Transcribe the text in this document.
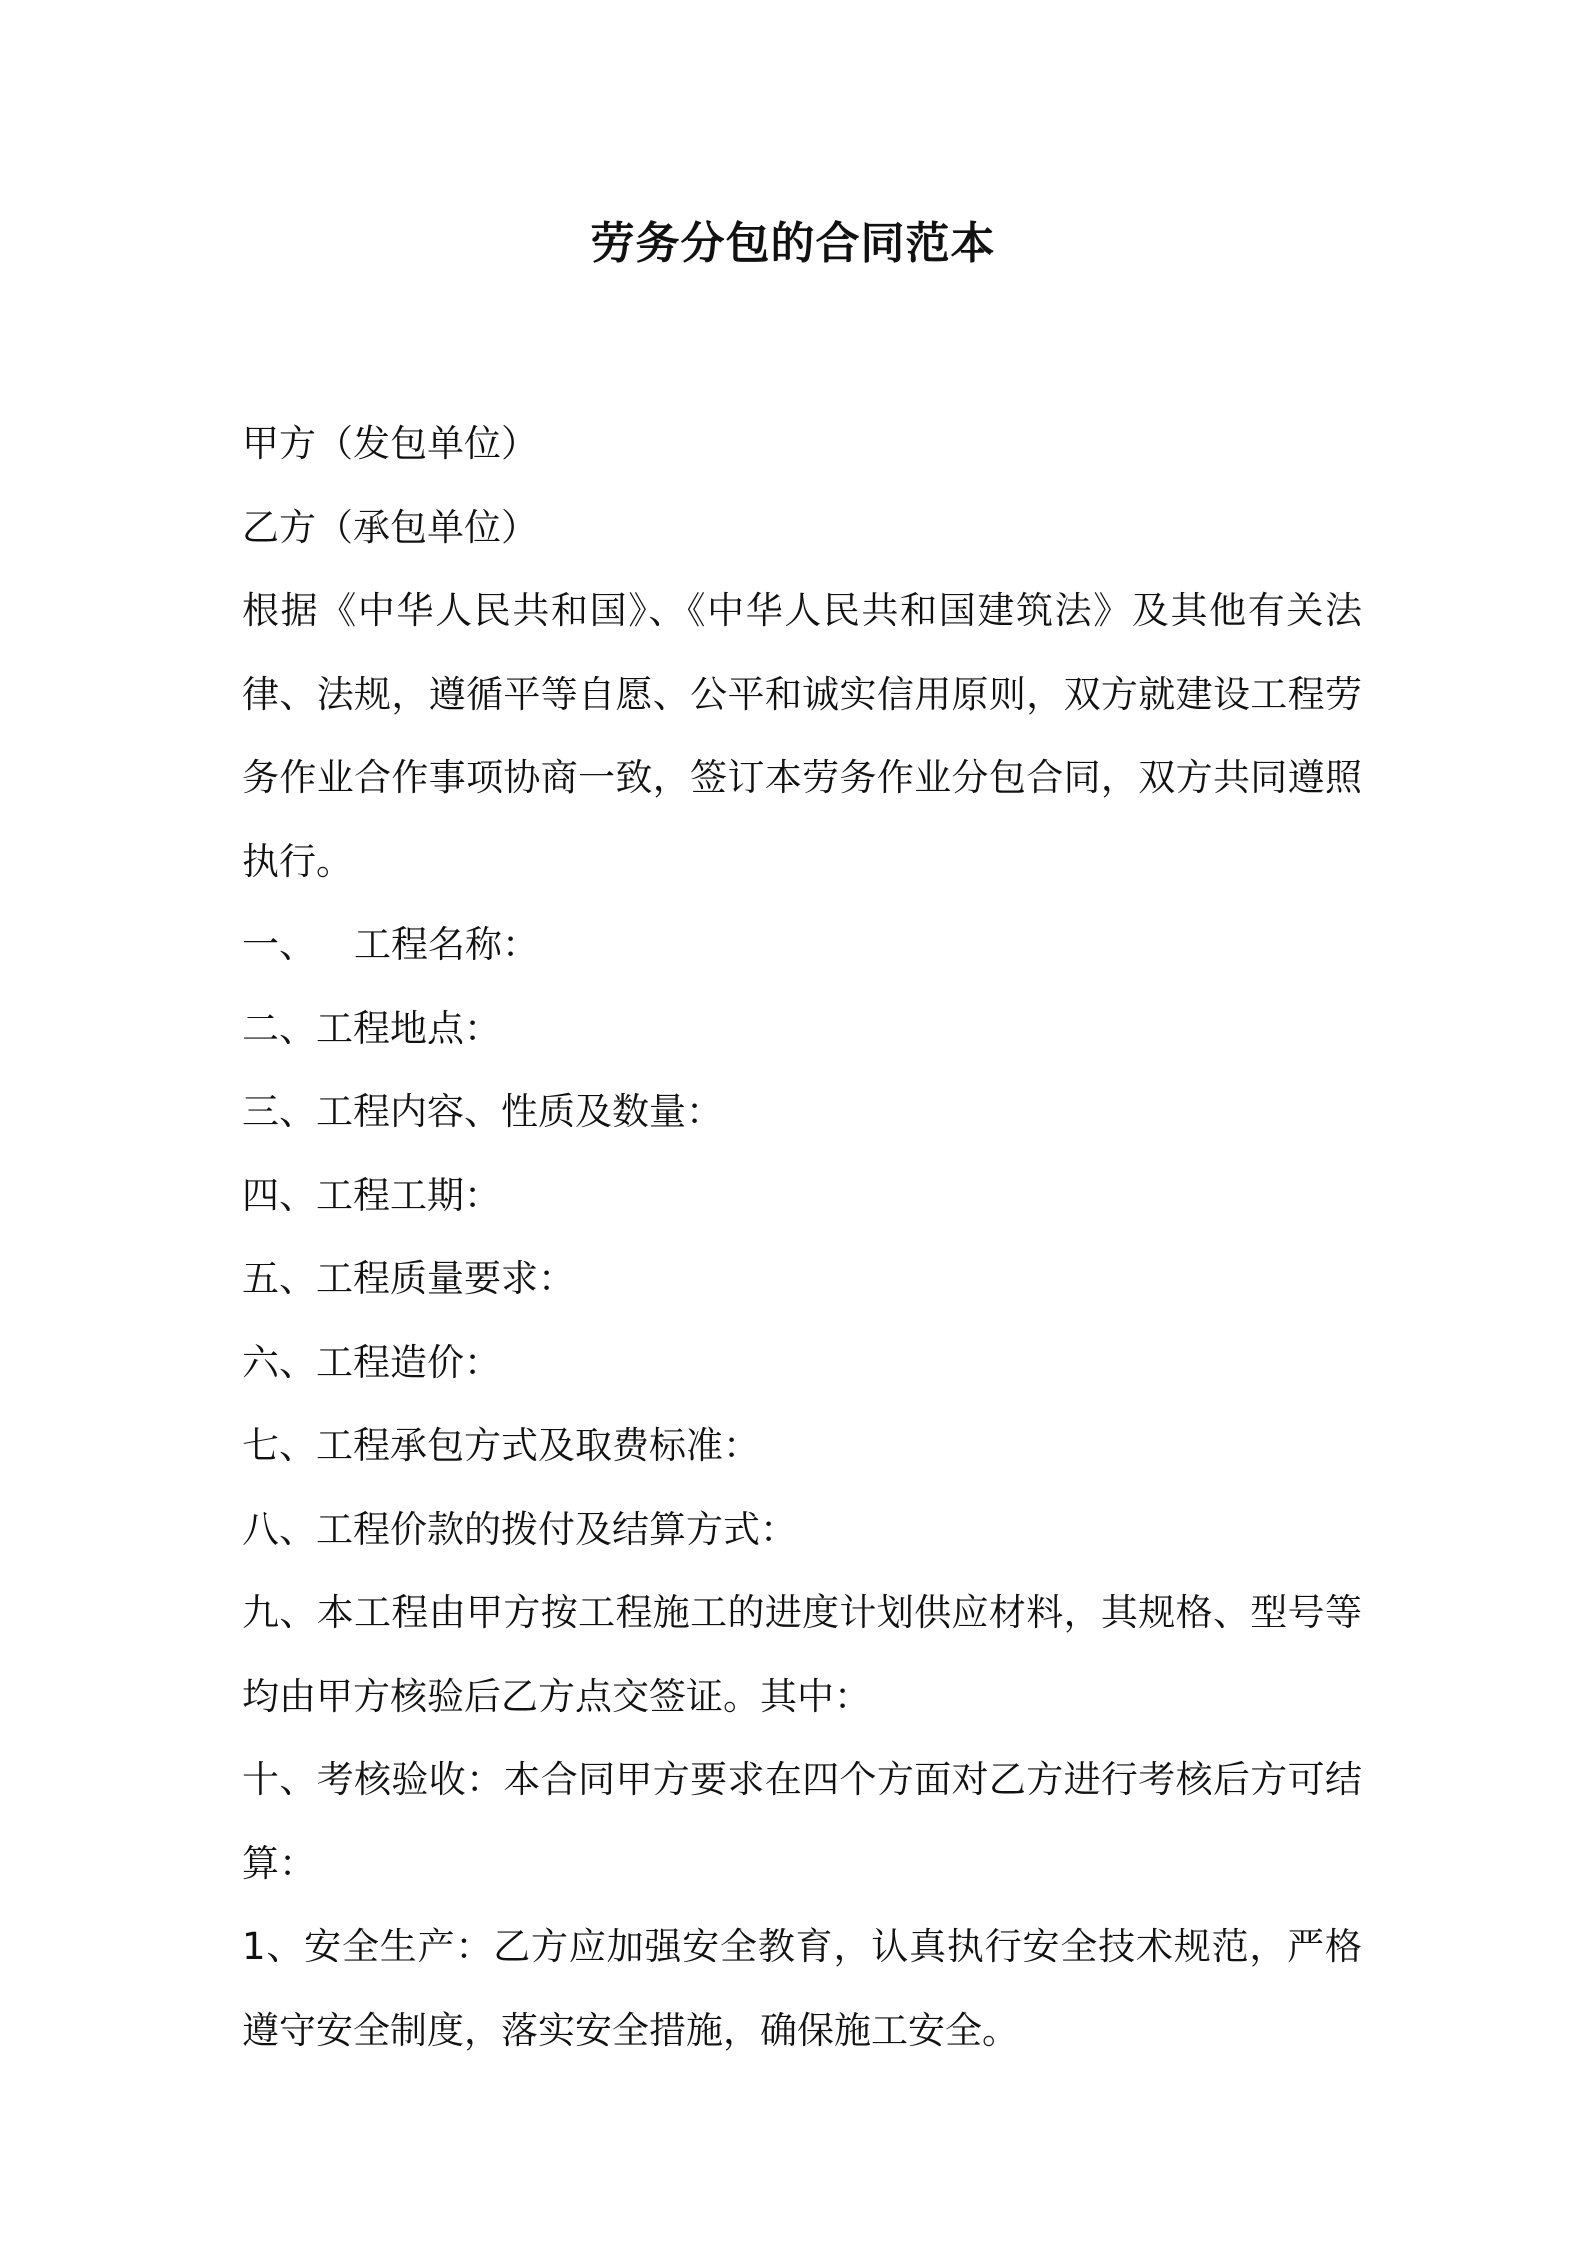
劳务分包的合同范本

甲方（发包单位）

乙方（承包单位）

根据《中华人民共和国》、《中华人民共和国建筑法》及其他有关法律、法规，遵循平等自愿、公平和诚实信用原则，双方就建设工程劳务作业合作事项协商一致，签订本劳务作业分包合同，双方共同遵照执行。

一、 工程名称：

二、工程地点：

三、工程内容、性质及数量：

四、工程工期：

五、工程质量要求：

六、工程造价：

七、工程承包方式及取费标准：

八、工程价款的拨付及结算方式：

九、本工程由甲方按工程施工的进度计划供应材料，其规格、型号等均由甲方核验后乙方点交签证。其中：

十、考核验收：本合同甲方要求在四个方面对乙方进行考核后方可结算：

1、安全生产：乙方应加强安全教育，认真执行安全技术规范，严格遵守安全制度，落实安全措施，确保施工安全。
